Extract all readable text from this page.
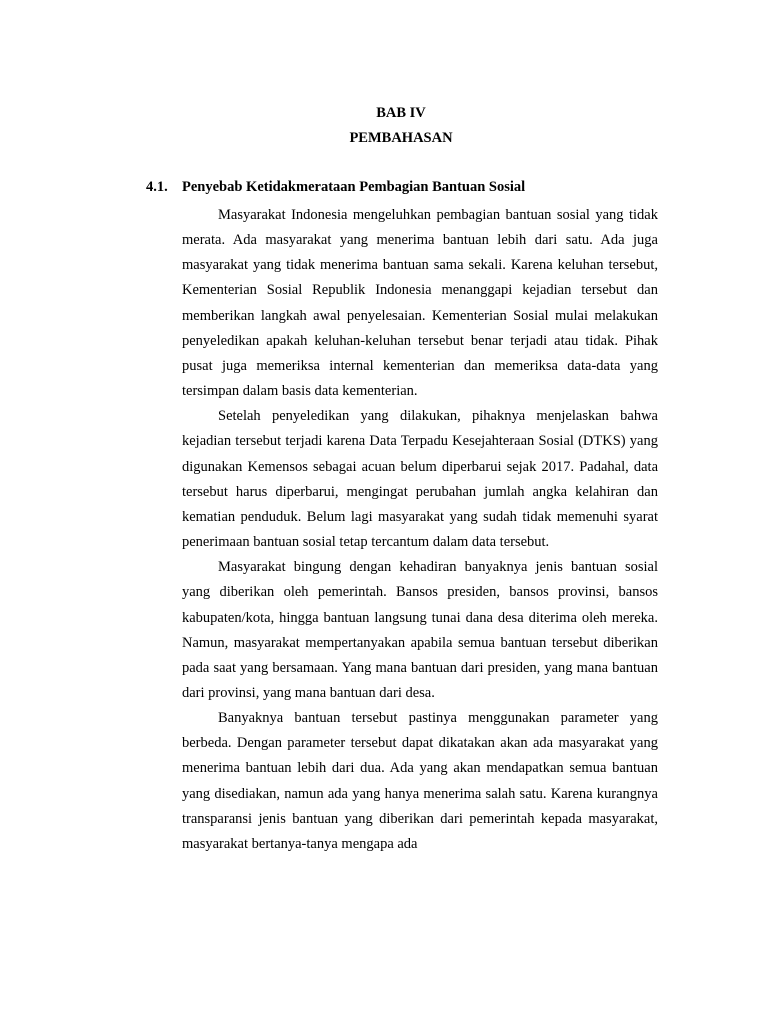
BAB IV
PEMBAHASAN
4.1. Penyebab Ketidakmerataan Pembagian Bantuan Sosial

Masyarakat Indonesia mengeluhkan pembagian bantuan sosial yang tidak merata. Ada masyarakat yang menerima bantuan lebih dari satu. Ada juga masyarakat yang tidak menerima bantuan sama sekali. Karena keluhan tersebut, Kementerian Sosial Republik Indonesia menanggapi kejadian tersebut dan memberikan langkah awal penyelesaian. Kementerian Sosial mulai melakukan penyeledikan apakah keluhan-keluhan tersebut benar terjadi atau tidak. Pihak pusat juga memeriksa internal kementerian dan memeriksa data-data yang tersimpan dalam basis data kementerian.

Setelah penyeledikan yang dilakukan, pihaknya menjelaskan bahwa kejadian tersebut terjadi karena Data Terpadu Kesejahteraan Sosial (DTKS) yang digunakan Kemensos sebagai acuan belum diperbarui sejak 2017. Padahal, data tersebut harus diperbarui, mengingat perubahan jumlah angka kelahiran dan kematian penduduk. Belum lagi masyarakat yang sudah tidak memenuhi syarat penerimaan bantuan sosial tetap tercantum dalam data tersebut.

Masyarakat bingung dengan kehadiran banyaknya jenis bantuan sosial yang diberikan oleh pemerintah. Bansos presiden, bansos provinsi, bansos kabupaten/kota, hingga bantuan langsung tunai dana desa diterima oleh mereka. Namun, masyarakat mempertanyakan apabila semua bantuan tersebut diberikan pada saat yang bersamaan. Yang mana bantuan dari presiden, yang mana bantuan dari provinsi, yang mana bantuan dari desa.

Banyaknya bantuan tersebut pastinya menggunakan parameter yang berbeda. Dengan parameter tersebut dapat dikatakan akan ada masyarakat yang menerima bantuan lebih dari dua. Ada yang akan mendapatkan semua bantuan yang disediakan, namun ada yang hanya menerima salah satu. Karena kurangnya transparansi jenis bantuan yang diberikan dari pemerintah kepada masyarakat, masyarakat bertanya-tanya mengapa ada
